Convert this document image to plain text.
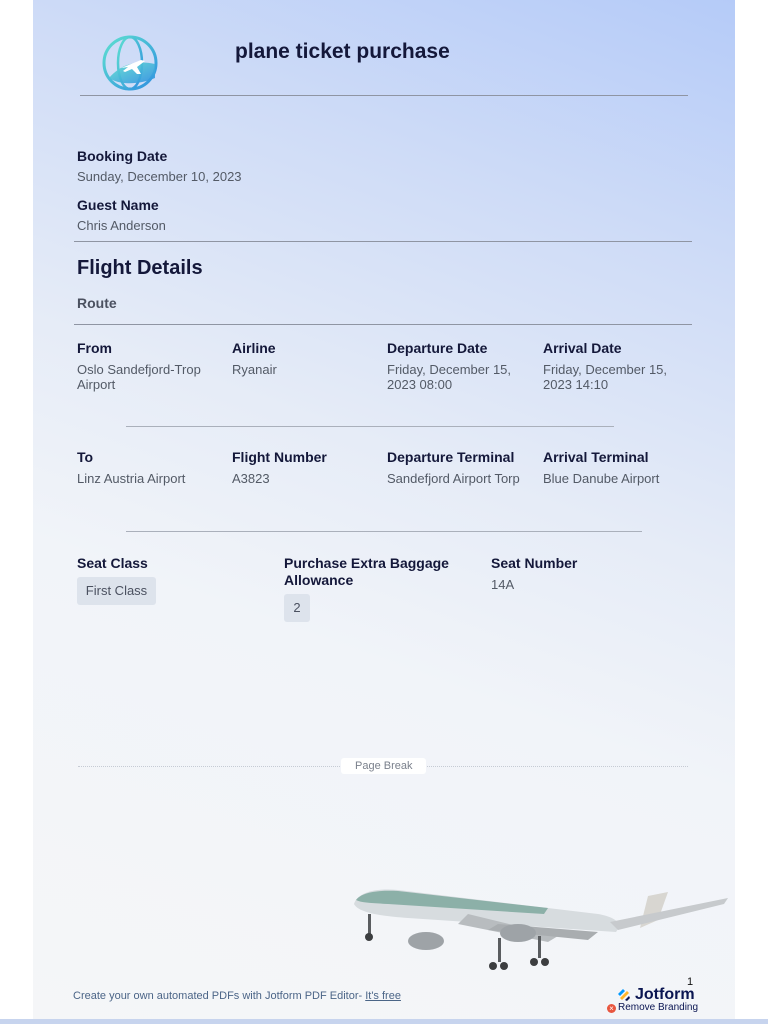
plane ticket purchase
Booking Date
Sunday, December 10, 2023
Guest Name
Chris Anderson
Flight Details
Route
From
Oslo Sandefjord-Trop Airport
Airline
Ryanair
Departure Date
Friday, December 15, 2023 08:00
Arrival Date
Friday, December 15, 2023 14:10
To
Linz Austria Airport
Flight Number
A3823
Departure Terminal
Sandefjord Airport Torp
Arrival Terminal
Blue Danube Airport
Seat Class
First Class
Purchase Extra Baggage Allowance
2
Seat Number
14A
Page Break
Create your own automated PDFs with Jotform PDF Editor- It's free
1
Jotform
× Remove Branding
